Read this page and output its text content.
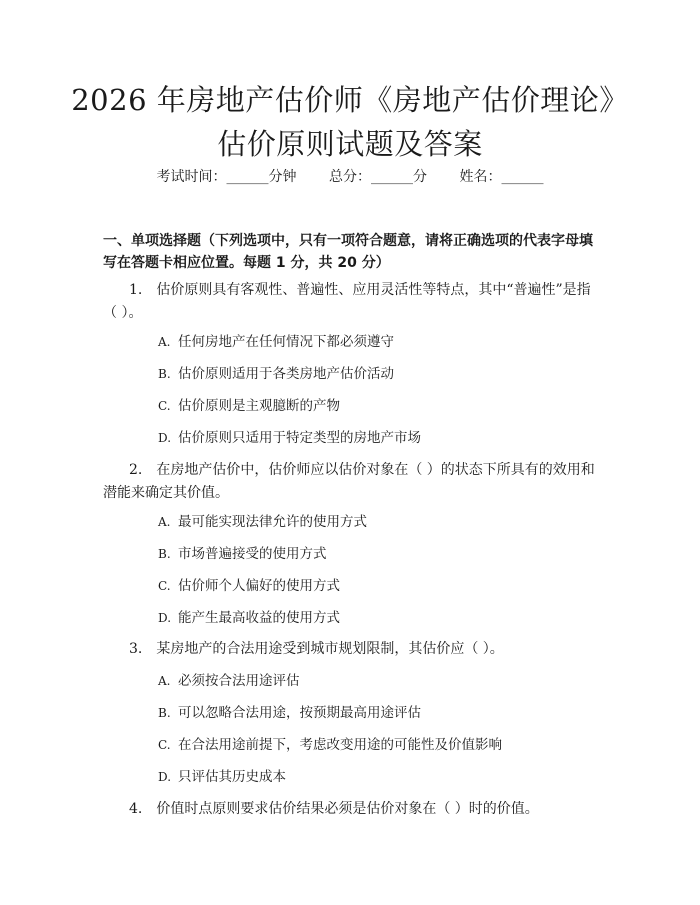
2026 年房地产估价师《房地产估价理论》估价原则试题及答案
考试时间：______分钟 总分：______分 姓名：______

一、单项选择题（下列选项中，只有一项符合题意，请将正确选项的代表字母填写在答题卡相应位置。每题 1 分，共 20 分）

1. 估价原则具有客观性、普遍性、应用灵活性等特点，其中“普遍性”是指（ ）。

A. 任何房地产在任何情况下都必须遵守

B. 估价原则适用于各类房地产估价活动

C. 估价原则是主观臆断的产物

D. 估价原则只适用于特定类型的房地产市场

2. 在房地产估价中，估价师应以估价对象在（ ）的状态下所具有的效用和潜能来确定其价值。

A. 最可能实现法律允许的使用方式

B. 市场普遍接受的使用方式

C. 估价师个人偏好的使用方式

D. 能产生最高收益的使用方式

3. 某房地产的合法用途受到城市规划限制，其估价应（ ）。

A. 必须按合法用途评估

B. 可以忽略合法用途，按预期最高用途评估

C. 在合法用途前提下，考虑改变用途的可能性及价值影响

D. 只评估其历史成本

4. 价值时点原则要求估价结果必须是估价对象在（ ）时的价值。
